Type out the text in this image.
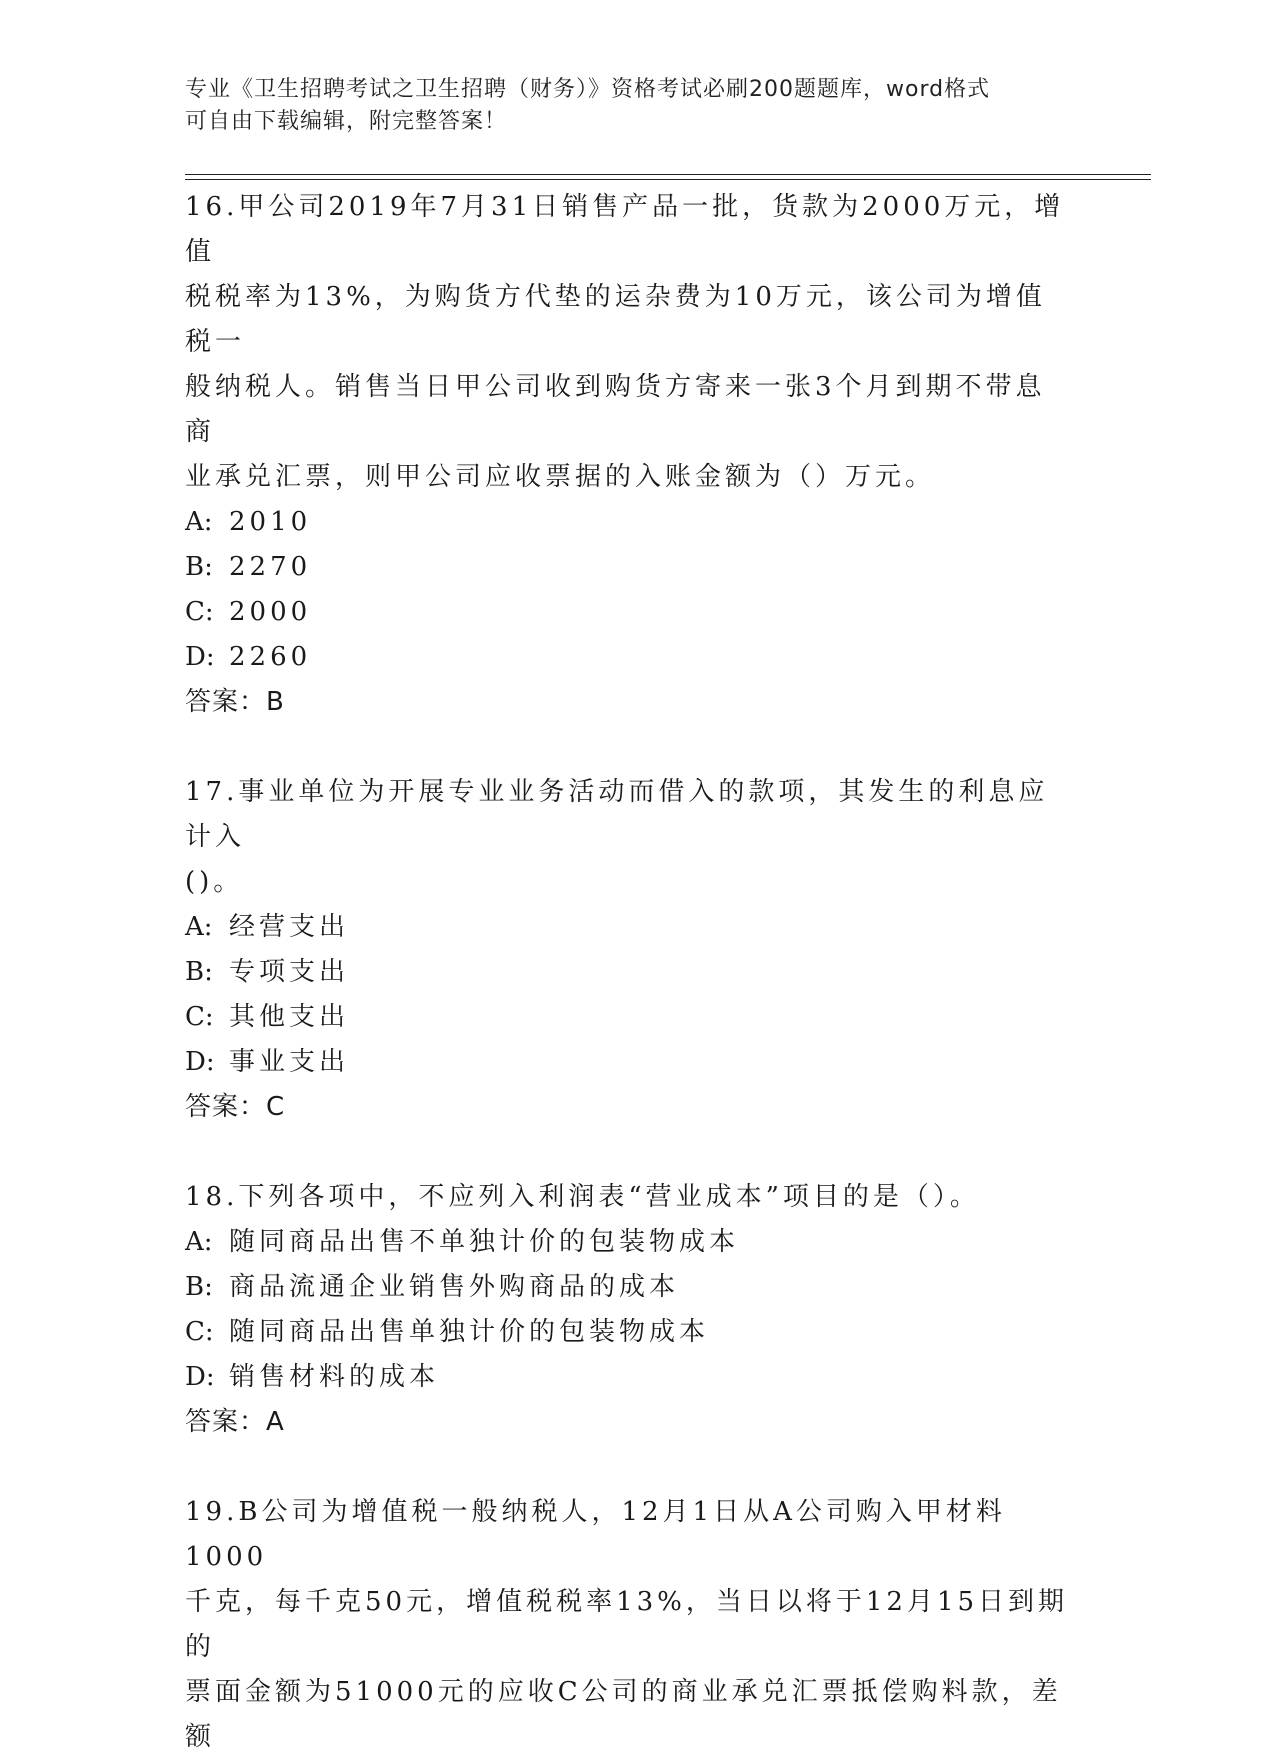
专业《卫生招聘考试之卫生招聘（财务）》资格考试必刷200题题库，word格式
可自由下载编辑，附完整答案！

16.甲公司2019年7月31日销售产品一批，货款为2000万元，增值

税税率为13%，为购货方代垫的运杂费为10万元，该公司为增值税一

般纳税人。销售当日甲公司收到购货方寄来一张3个月到期不带息商

业承兑汇票，则甲公司应收票据的入账金额为（）万元。

A: 2010

B: 2270

C: 2000

D: 2260

答案：B

17.事业单位为开展专业业务活动而借入的款项，其发生的利息应计入

()。

A: 经营支出

B: 专项支出

C: 其他支出

D: 事业支出

答案：C

18.下列各项中，不应列入利润表“营业成本”项目的是（）。

A: 随同商品出售不单独计价的包装物成本

B: 商品流通企业销售外购商品的成本

C: 随同商品出售单独计价的包装物成本

D: 销售材料的成本

答案：A

19.B公司为增值税一般纳税人，12月1日从A公司购入甲材料1000

千克，每千克50元，增值税税率13%，当日以将于12月15日到期的

票面金额为51000元的应收C公司的商业承兑汇票抵偿购料款，差额
